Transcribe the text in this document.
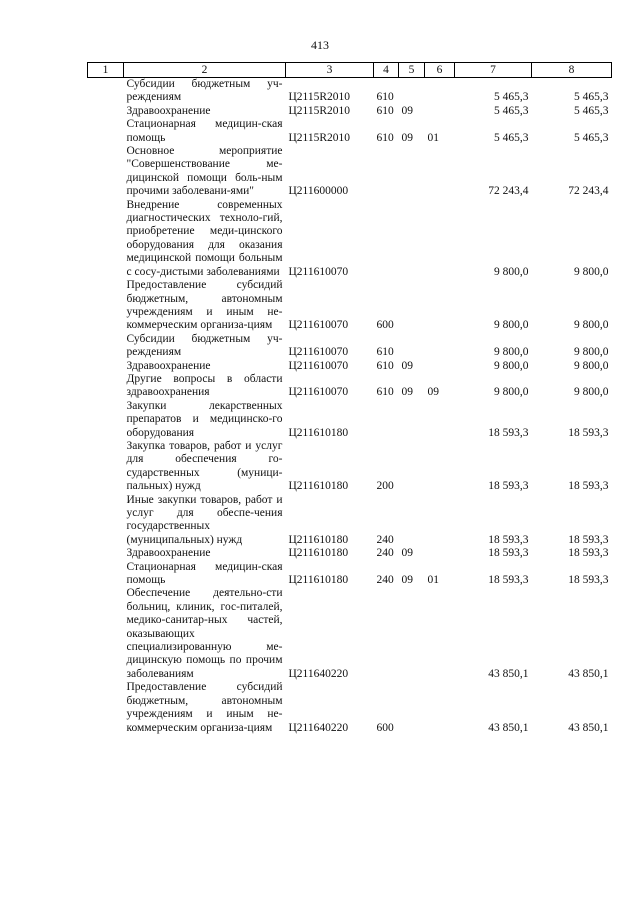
413
1	2	3	4	5	6	7	8
	Субсидии бюджетным уч-реждениям	Ц2115R2010	610			5 465,3	5 465,3
	Здравоохранение	Ц2115R2010	610	09		5 465,3	5 465,3
	Стационарная медицин-ская помощь	Ц2115R2010	610	09	01	5 465,3	5 465,3
	Основное мероприятие "Совершенствование ме-дицинской помощи боль-ным прочими заболевани-ями"	Ц211600000				72 243,4	72 243,4
	Внедрение современных диагностических техноло-гий, приобретение меди-цинского оборудования для оказания медицинской помощи больным с сосу-дистыми заболеваниями	Ц211610070				9 800,0	9 800,0
	Предоставление субсидий бюджетным, автономным учреждениям и иным не-коммерческим организа-циям	Ц211610070	600			9 800,0	9 800,0
	Субсидии бюджетным уч-реждениям	Ц211610070	610			9 800,0	9 800,0
	Здравоохранение	Ц211610070	610	09		9 800,0	9 800,0
	Другие вопросы в области здравоохранения	Ц211610070	610	09	09	9 800,0	9 800,0
	Закупки лекарственных препаратов и медицинско-го оборудования	Ц211610180				18 593,3	18 593,3
	Закупка товаров, работ и услуг для обеспечения го-сударственных (муници-пальных) нужд	Ц211610180	200			18 593,3	18 593,3
	Иные закупки товаров, работ и услуг для обеспе-чения государственных (муниципальных) нужд	Ц211610180	240			18 593,3	18 593,3
	Здравоохранение	Ц211610180	240	09		18 593,3	18 593,3
	Стационарная медицин-ская помощь	Ц211610180	240	09	01	18 593,3	18 593,3
	Обеспечение деятельно-сти больниц, клиник, гос-питалей, медико-санитар-ных частей, оказывающих специализированную ме-дицинскую помощь по прочим заболеваниям	Ц211640220				43 850,1	43 850,1
	Предоставление субсидий бюджетным, автономным учреждениям и иным не-коммерческим организа-циям	Ц211640220	600			43 850,1	43 850,1
